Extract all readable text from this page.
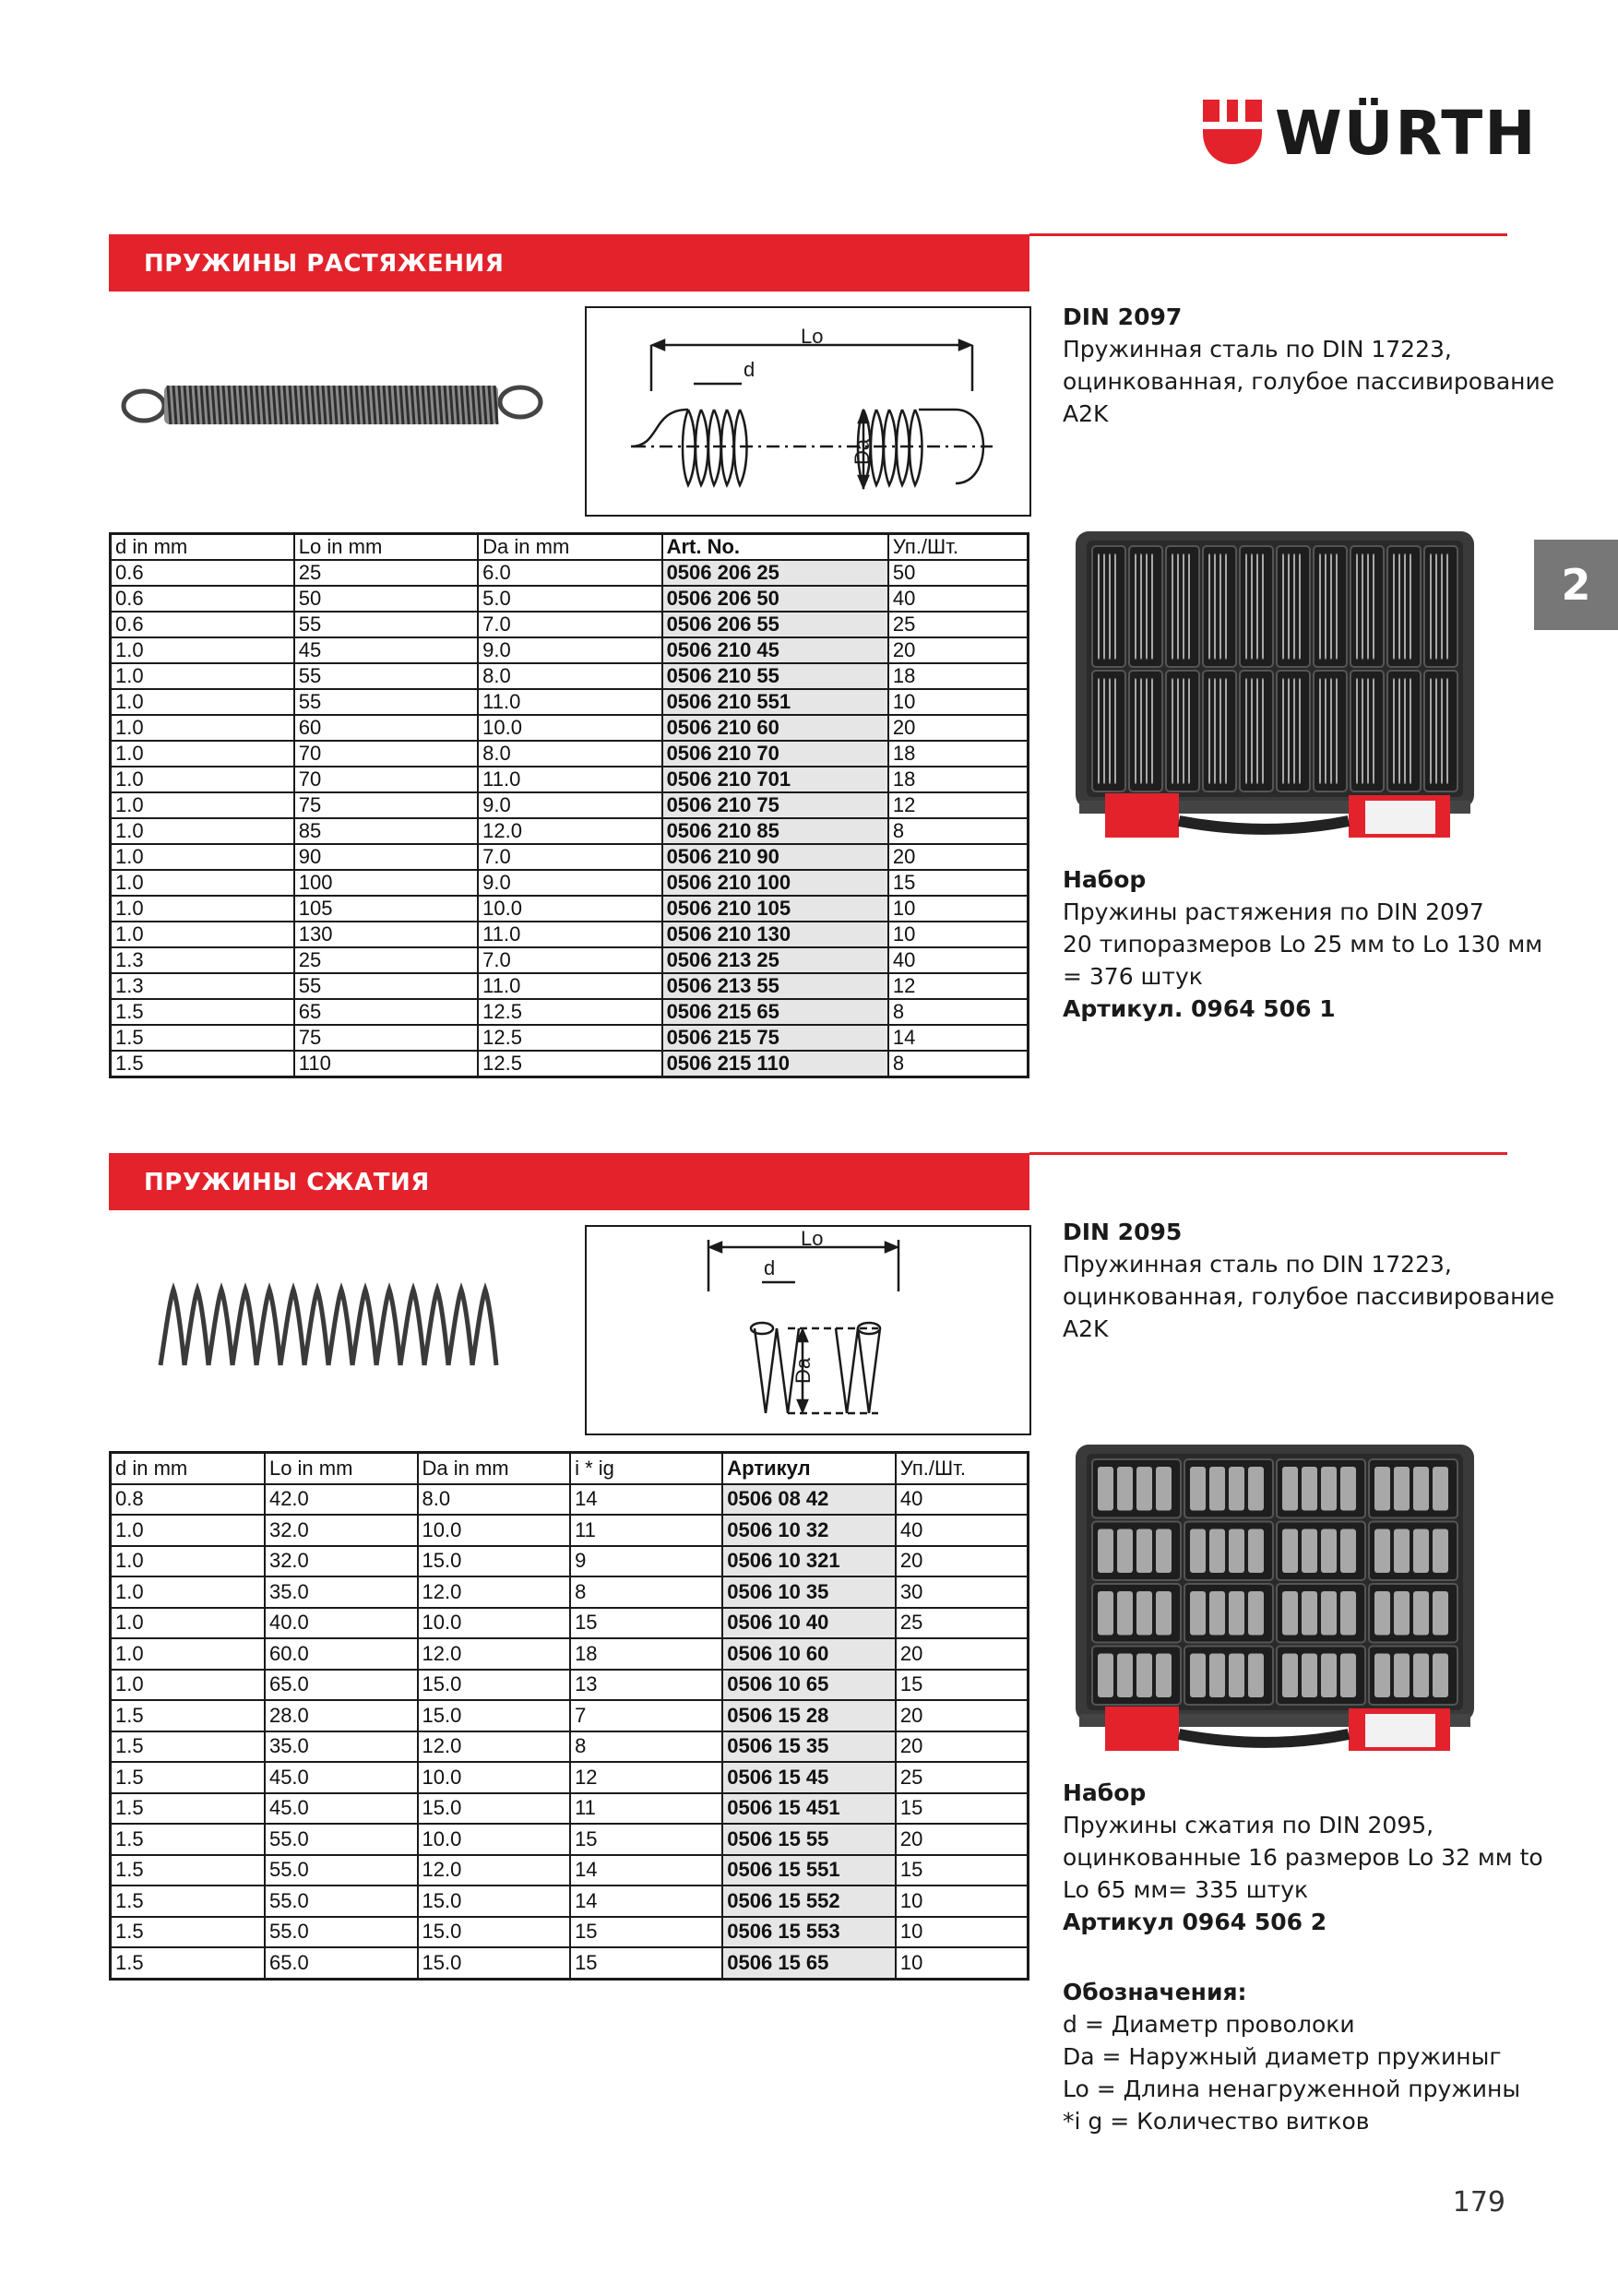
WÜRTH
2
ПРУЖИНЫ РАСТЯЖЕНИЯ
Lo
d
Da
DIN 2097
Пружинная сталь по DIN 17223,
оцинкованная, голубое пассивирование
A2K
Набор
Пружины растяжения по DIN 2097
20 типоразмеров Lo 25 мм to Lo 130 мм
= 376 штук
Артикул. 0964 506 1
d in mm	Lo in mm	Da in mm	Art. No.	Уп./Шт.
0.6	25	6.0	0506 206 25	50
0.6	50	5.0	0506 206 50	40
0.6	55	7.0	0506 206 55	25
1.0	45	9.0	0506 210 45	20
1.0	55	8.0	0506 210 55	18
1.0	55	11.0	0506 210 551	10
1.0	60	10.0	0506 210 60	20
1.0	70	8.0	0506 210 70	18
1.0	70	11.0	0506 210 701	18
1.0	75	9.0	0506 210 75	12
1.0	85	12.0	0506 210 85	8
1.0	90	7.0	0506 210 90	20
1.0	100	9.0	0506 210 100	15
1.0	105	10.0	0506 210 105	10
1.0	130	11.0	0506 210 130	10
1.3	25	7.0	0506 213 25	40
1.3	55	11.0	0506 213 55	12
1.5	65	12.5	0506 215 65	8
1.5	75	12.5	0506 215 75	14
1.5	110	12.5	0506 215 110	8
ПРУЖИНЫ СЖАТИЯ
Lo
d
Da
DIN 2095
Пружинная сталь по DIN 17223,
оцинкованная, голубое пассивирование
A2K
Набор
Пружины сжатия по DIN 2095,
оцинкованные 16 размеров Lo 32 мм to
Lo 65 мм= 335 штук
Артикул 0964 506 2
Обозначения:
d = Диаметр проволоки
Da = Наружный диаметр пружиныг
Lo = Длина ненагруженной пружины
*i g = Количество витков
d in mm	Lo in mm	Da in mm	i * ig	Артикул	Уп./Шт.
0.8	42.0	8.0	14	0506 08 42	40
1.0	32.0	10.0	11	0506 10 32	40
1.0	32.0	15.0	9	0506 10 321	20
1.0	35.0	12.0	8	0506 10 35	30
1.0	40.0	10.0	15	0506 10 40	25
1.0	60.0	12.0	18	0506 10 60	20
1.0	65.0	15.0	13	0506 10 65	15
1.5	28.0	15.0	7	0506 15 28	20
1.5	35.0	12.0	8	0506 15 35	20
1.5	45.0	10.0	12	0506 15 45	25
1.5	45.0	15.0	11	0506 15 451	15
1.5	55.0	10.0	15	0506 15 55	20
1.5	55.0	12.0	14	0506 15 551	15
1.5	55.0	15.0	14	0506 15 552	10
1.5	55.0	15.0	15	0506 15 553	10
1.5	65.0	15.0	15	0506 15 65	10
179
